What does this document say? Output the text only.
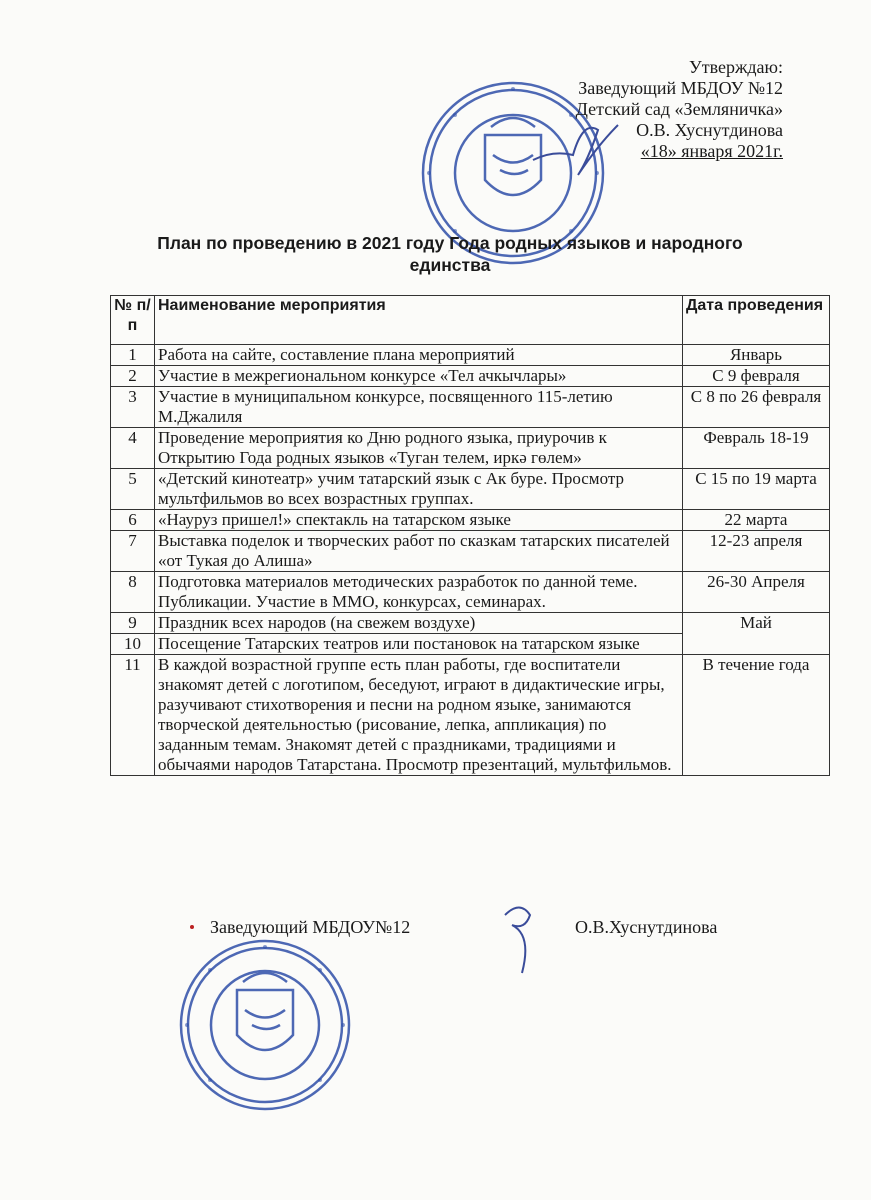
Утверждаю:
Заведующий МБДОУ №12
Детский сад «Земляничка»
О.В. Хуснутдинова
«18» января 2021г.
План по проведению в 2021 году Года родных языков и народного
единства
№ п/п	Наименование мероприятия	Дата проведения
1	Работа на сайте, составление плана мероприятий	Январь
2	Участие в межрегиональном конкурсе «Тел ачкычлары»	С 9 февраля
3	Участие в муниципальном конкурсе, посвященного 115-летию М.Джалиля	С 8 по 26 февраля
4	Проведение мероприятия ко Дню родного языка, приурочив к Открытию Года родных языков «Туган телем, иркә гөлем»	Февраль 18-19
5	«Детский кинотеатр» учим татарский язык с Ак буре. Просмотр мультфильмов во всех возрастных группах.	С 15 по 19 марта
6	«Науруз пришел!» спектакль на татарском языке	22 марта
7	Выставка поделок и творческих работ по сказкам татарских писателей «от Тукая до Алиша»	12-23 апреля
8	Подготовка материалов методических разработок по данной теме. Публикации. Участие в ММО, конкурсах, семинарах.	26-30 Апреля
9	Праздник всех народов (на свежем воздухе)	Май
10	Посещение Татарских театров или постановок на татарском языке	
11	В каждой возрастной группе есть план работы, где воспитатели знакомят детей с логотипом, беседуют, играют в дидактические игры, разучивают стихотворения и песни на родном языке, занимаются творческой деятельностью (рисование, лепка, аппликация) по заданным темам. Знакомят детей с праздниками, традициями и обычаями народов Татарстана. Просмотр презентаций, мультфильмов.	В течение года
Заведующий МБДОУ№12	О.В.Хуснутдинова
